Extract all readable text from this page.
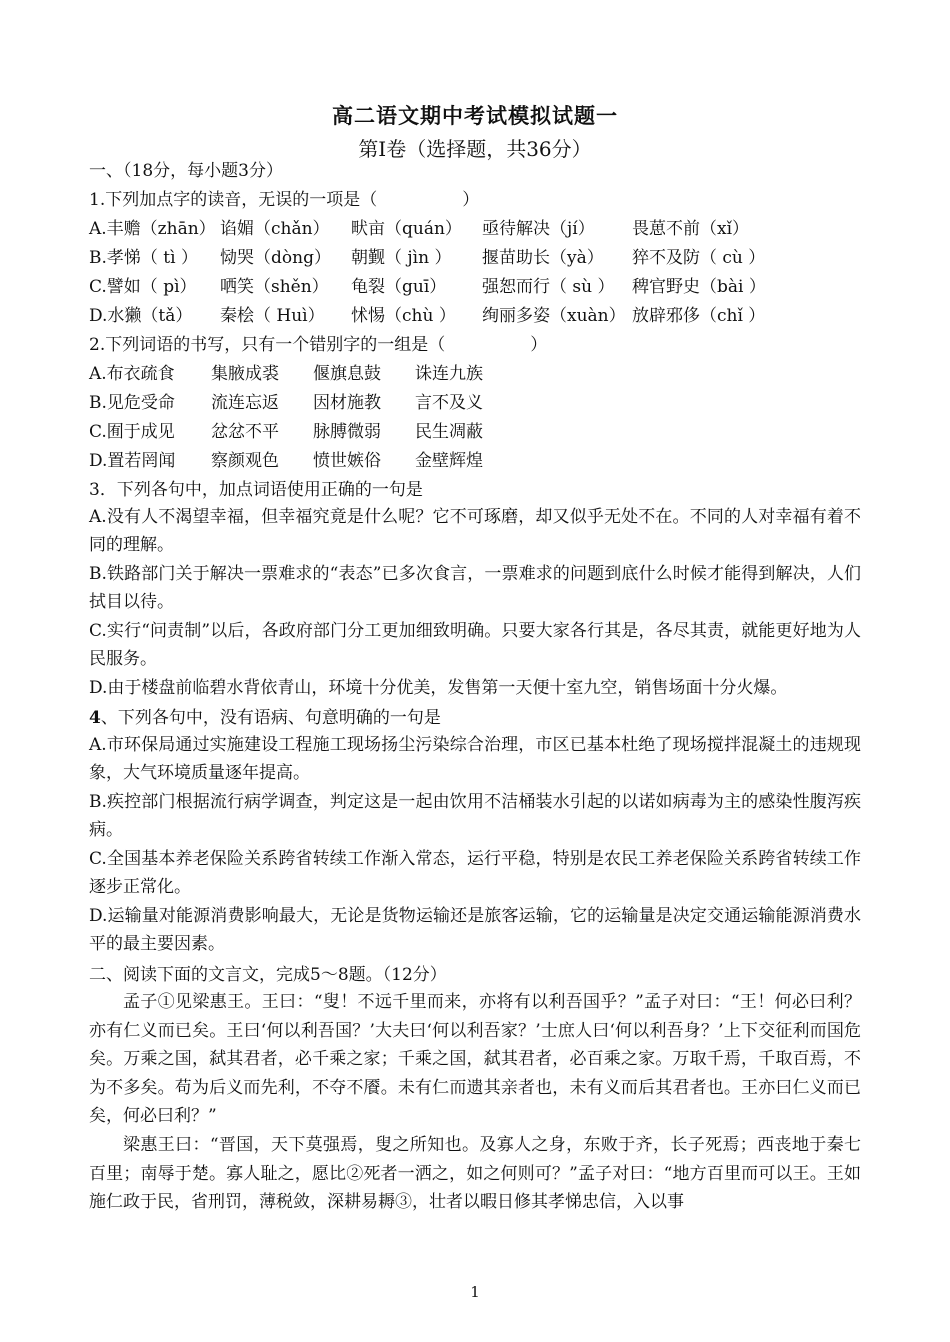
高二语文期中考试模拟试题一
第Ⅰ卷（选择题，共36分）
一、（18分，每小题3分）
1.下列加点字的读音，无误的一项是（　　　　　）
A.丰赡（zhān） 谄媚（chǎn） 畎亩（quán） 亟待解决（jí） 畏葸不前（xǐ）
B.孝悌（ tì ） 恸哭（dòng） 朝觐（ jìn ） 揠苗助长（yà） 猝不及防（ cù ）
C.譬如（ pì） 哂笑（shěn） 龟裂（guī） 强恕而行（ sù ） 稗官野史（bài ）
D.水獭（tǎ） 秦桧（ Huì） 怵惕（chù ） 绚丽多姿（xuàn） 放辟邪侈（chǐ ）
2.下列词语的书写，只有一个错别字的一组是（　　　　　）
A.布衣疏食 集腋成裘 偃旗息鼓 诛连九族
B.见危受命 流连忘返 因材施教 言不及义
C.囿于成见 忿忿不平 脉膊微弱 民生凋蔽
D.置若罔闻 察颜观色 愤世嫉俗 金壁辉煌
3．下列各句中，加点词语使用正确的一句是
A.没有人不渴望幸福，但幸福究竟是什么呢？它不可琢磨，却又似乎无处不在。不同的人对幸福有着不同的理解。
B.铁路部门关于解决一票难求的“表态”已多次食言，一票难求的问题到底什么时候才能得到解决，人们拭目以待。
C.实行“问责制”以后，各政府部门分工更加细致明确。只要大家各行其是，各尽其责，就能更好地为人民服务。
D.由于楼盘前临碧水背依青山，环境十分优美，发售第一天便十室九空，销售场面十分火爆。
4、下列各句中，没有语病、句意明确的一句是
A.市环保局通过实施建设工程施工现场扬尘污染综合治理，市区已基本杜绝了现场搅拌混凝土的违规现象，大气环境质量逐年提高。
B.疾控部门根据流行病学调查，判定这是一起由饮用不洁桶装水引起的以诺如病毒为主的感染性腹泻疾病。
C.全国基本养老保险关系跨省转续工作渐入常态，运行平稳，特别是农民工养老保险关系跨省转续工作逐步正常化。
D.运输量对能源消费影响最大，无论是货物运输还是旅客运输，它的运输量是决定交通运输能源消费水平的最主要因素。
二、阅读下面的文言文，完成5～8题。（12分）
孟子①见梁惠王。王曰：“叟！不远千里而来，亦将有以利吾国乎？”孟子对曰：“王！何必曰利？亦有仁义而已矣。王曰‘何以利吾国？’大夫曰‘何以利吾家？’士庶人曰‘何以利吾身？’上下交征利而国危矣。万乘之国，弑其君者，必千乘之家；千乘之国，弑其君者，必百乘之家。万取千焉，千取百焉，不为不多矣。苟为后义而先利，不夺不餍。未有仁而遗其亲者也，未有义而后其君者也。王亦曰仁义而已矣，何必曰利？”
梁惠王曰：“晋国，天下莫强焉，叟之所知也。及寡人之身，东败于齐，长子死焉；西丧地于秦七百里；南辱于楚。寡人耻之，愿比②死者一洒之，如之何则可？”孟子对曰：“地方百里而可以王。王如施仁政于民，省刑罚，薄税敛，深耕易耨③，壮者以暇日修其孝悌忠信，入以事
1
